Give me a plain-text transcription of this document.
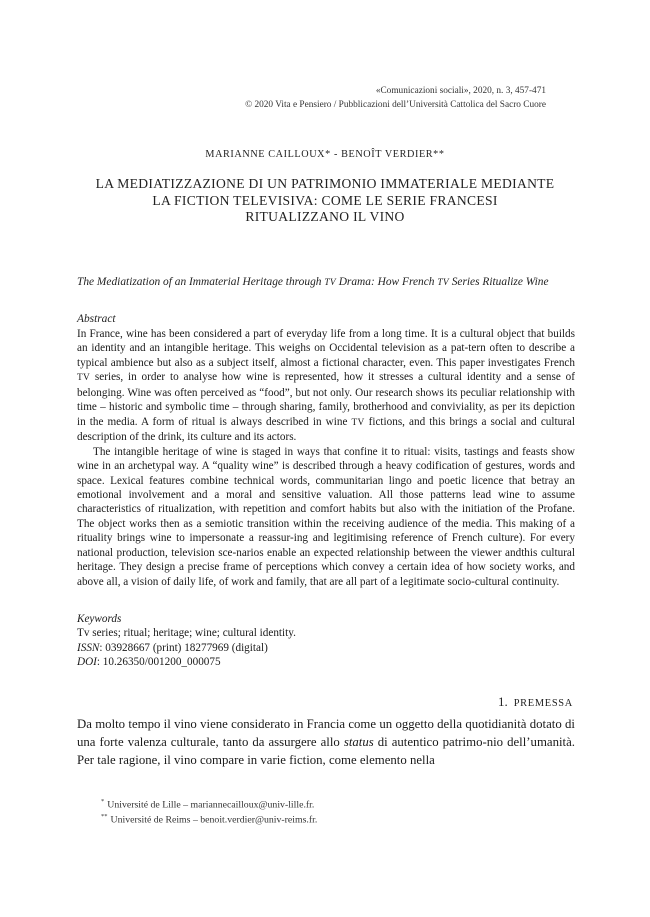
«Comunicazioni sociali», 2020, n. 3, 457-471
© 2020 Vita e Pensiero / Pubblicazioni dell’Università Cattolica del Sacro Cuore
MARIANNE CAILLOUX* - BENOÎT VERDIER**
LA MEDIATIZZAZIONE DI UN PATRIMONIO IMMATERIALE MEDIANTE
LA FICTION TELEVISIVA: COME LE SERIE FRANCESI
RITUALIZZANO IL VINO
The Mediatization of an Immaterial Heritage through TV Drama: How French TV Series Ritualize Wine
Abstract

In France, wine has been considered a part of everyday life from a long time. It is a cultural object that builds an identity and an intangible heritage. This weighs on Occidental television as a pat-tern often to describe a typical ambience but also as a subject itself, almost a fictional character, even. This paper investigates French TV series, in order to analyse how wine is represented, how it stresses a cultural identity and a sense of belonging. Wine was often perceived as “food”, but not only. Our research shows its peculiar relationship with time – historic and symbolic time – through sharing, family, brotherhood and conviviality, as per its depiction in the media. A form of ritual is always described in wine TV fictions, and this brings a social and cultural description of the drink, its culture and its actors.

The intangible heritage of wine is staged in ways that confine it to ritual: visits, tastings and feasts show wine in an archetypal way. A “quality wine” is described through a heavy codification of gestures, words and space. Lexical features combine technical words, communitarian lingo and poetic licence that betray an emotional involvement and a moral and sensitive valuation. All those patterns lead wine to assume characteristics of ritualization, with repetition and comfort habits but also with the initiation of the Profane. The object works then as a semiotic transition within the receiving audience of the media. This making of a rituality brings wine to impersonate a reassur-ing and legitimising reference of French culture). For every national production, television sce-narios enable an expected relationship between the viewer andthis cultural heritage. They design a precise frame of perceptions which convey a certain idea of how society works, and above all, a vision of daily life, of work and family, that are all part of a legitimate socio-cultural continuity.

Keywords
Tv series; ritual; heritage; wine; cultural identity.
ISSN: 03928667 (print) 18277969 (digital)
DOI: 10.26350/001200_000075
1. PREMESSA

Da molto tempo il vino viene considerato in Francia come un oggetto della quotidianità dotato di una forte valenza culturale, tanto da assurgere allo status di autentico patrimo-nio dell’umanità. Per tale ragione, il vino compare in varie fiction, come elemento nella

* Université de Lille – mariannecailloux@univ-lille.fr.
** Université de Reims – benoit.verdier@univ-reims.fr.
